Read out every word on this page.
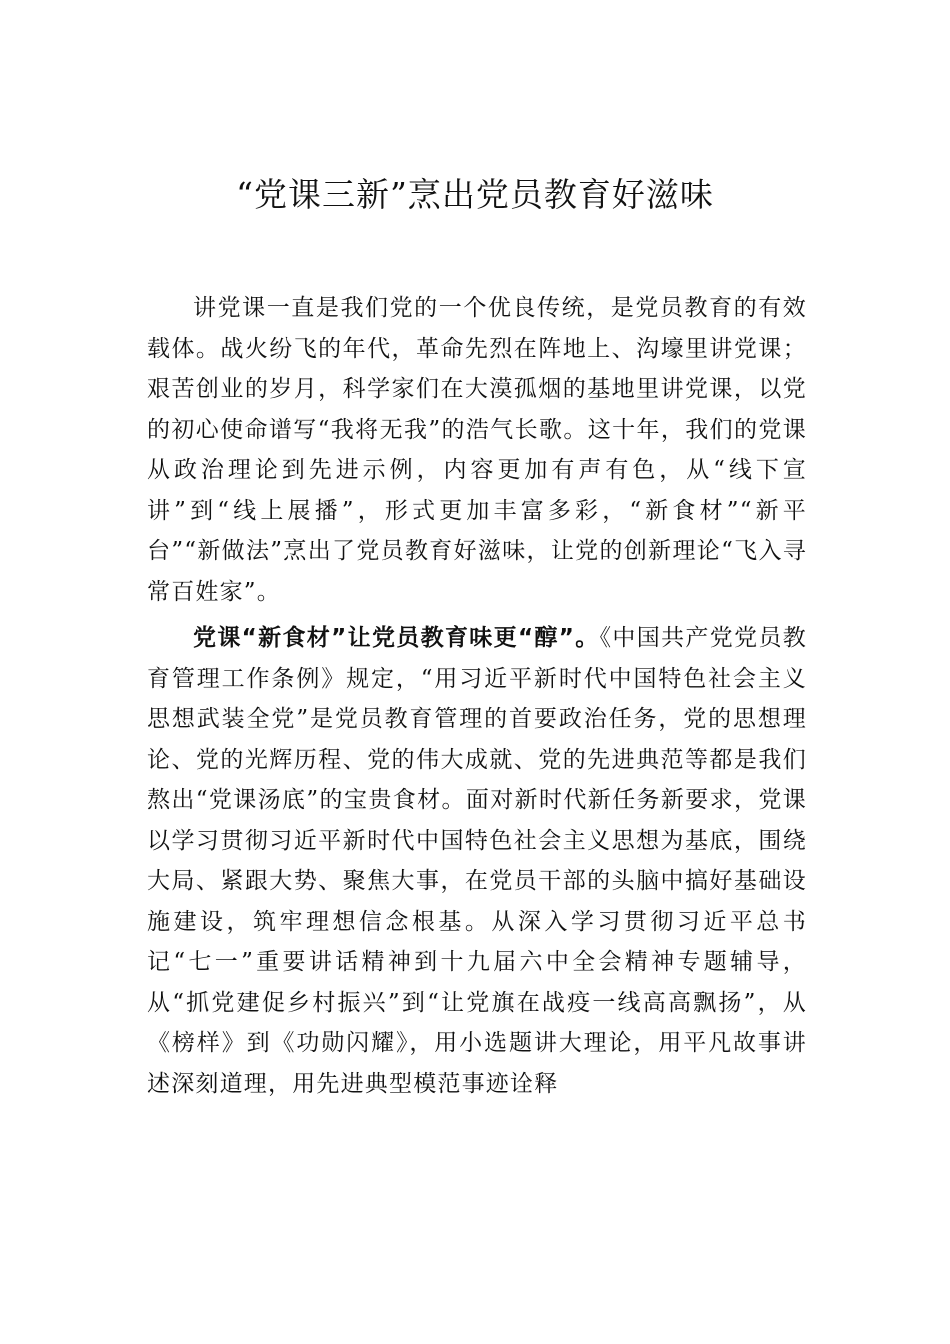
“党课三新”烹出党员教育好滋味

讲党课一直是我们党的一个优良传统，是党员教育的有效载体。战火纷飞的年代，革命先烈在阵地上、沟壕里讲党课；艰苦创业的岁月，科学家们在大漠孤烟的基地里讲党课，以党的初心使命谱写“我将无我”的浩气长歌。这十年，我们的党课从政治理论到先进示例，内容更加有声有色，从“线下宣讲”到“线上展播”，形式更加丰富多彩，“新食材”“新平台”“新做法”烹出了党员教育好滋味，让党的创新理论“飞入寻常百姓家”。

党课“新食材”让党员教育味更“醇”。《中国共产党党员教育管理工作条例》规定，“用习近平新时代中国特色社会主义思想武装全党”是党员教育管理的首要政治任务，党的思想理论、党的光辉历程、党的伟大成就、党的先进典范等都是我们熬出“党课汤底”的宝贵食材。面对新时代新任务新要求，党课以学习贯彻习近平新时代中国特色社会主义思想为基底，围绕大局、紧跟大势、聚焦大事，在党员干部的头脑中搞好基础设施建设，筑牢理想信念根基。从深入学习贯彻习近平总书记“七一”重要讲话精神到十九届六中全会精神专题辅导，从“抓党建促乡村振兴”到“让党旗在战疫一线高高飘扬”，从《榜样》到《功勋闪耀》，用小选题讲大理论，用平凡故事讲述深刻道理，用先进典型模范事迹诠释
